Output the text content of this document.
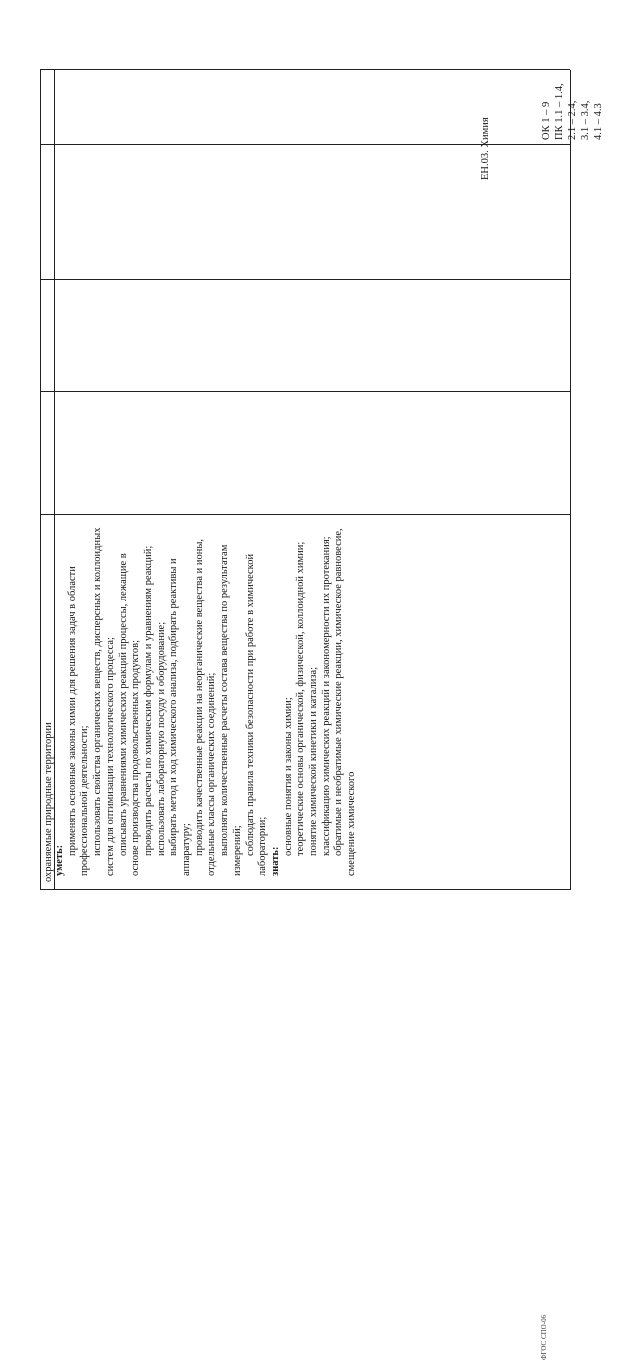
охраняемые природные территории уметь:
применять основные законы химии для решения задач в области профессиональной деятельности; использовать свойства органических веществ, дисперсных и коллоидных систем для оптимизации технологического процесса; описывать уравнениями химических реакций процессы, лежащие в основе производства продовольственных продуктов; проводить расчеты по химическим формулам и уравнениям реакций; использовать лабораторную посуду и оборудование; выбирать метод и ход химического анализа, подбирать реактивы и аппаратуру; проводить качественные реакции на неорганические вещества и ионы, отдельные классы органических соединений; выполнять количественные расчеты состава вещества по результатам измерений; соблюдать правила техники безопасности при работе в химической лаборатории; знать:
основные понятия и законы химии; теоретические основы органической, физической, коллоидной химии; понятие химической кинетики и катализа; классификацию химических реакций и закономерности их протекания; обратимые и необратимые химические реакции, химическое равновесие, смещение химического
ЕН.03. Химия	ОК 1 – 9 ПК 1.1 – 1.4, 2.1 – 2.4, 3.1 – 3.4, 4.1 – 4.3
ФГОС СПО-06
